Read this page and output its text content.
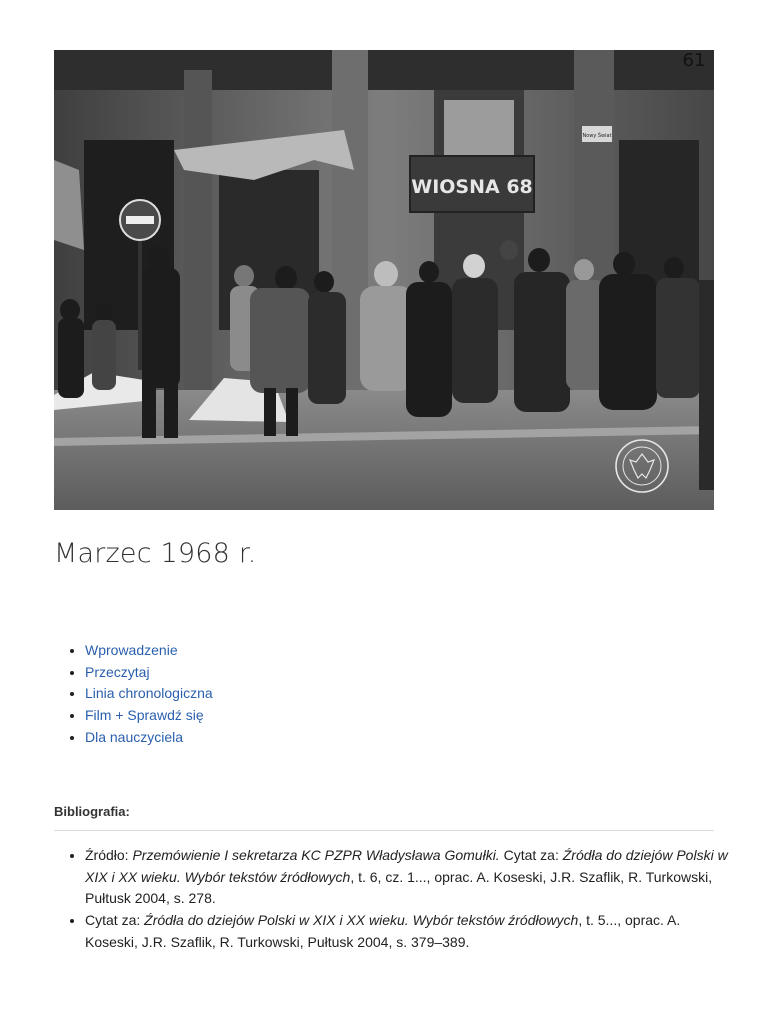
WIOSNA 68
Nowy Świat
61
Marzec 1968 r.
• Wprowadzenie
• Przeczytaj
• Linia chronologiczna
• Film + Sprawdź się
• Dla nauczyciela
Bibliografia:
• Źródło: Przemówienie I sekretarza KC PZPR Władysława Gomułki. Cytat za: Źródła do dziejów Polski w XIX i XX wieku. Wybór tekstów źródłowych, t. 6, cz. 1..., oprac. A. Koseski, J.R. Szaflik, R. Turkowski, Pułtusk 2004, s. 278.
• Cytat za: Źródła do dziejów Polski w XIX i XX wieku. Wybór tekstów źródłowych, t. 5..., oprac. A. Koseski, J.R. Szaflik, R. Turkowski, Pułtusk 2004, s. 379–389.
